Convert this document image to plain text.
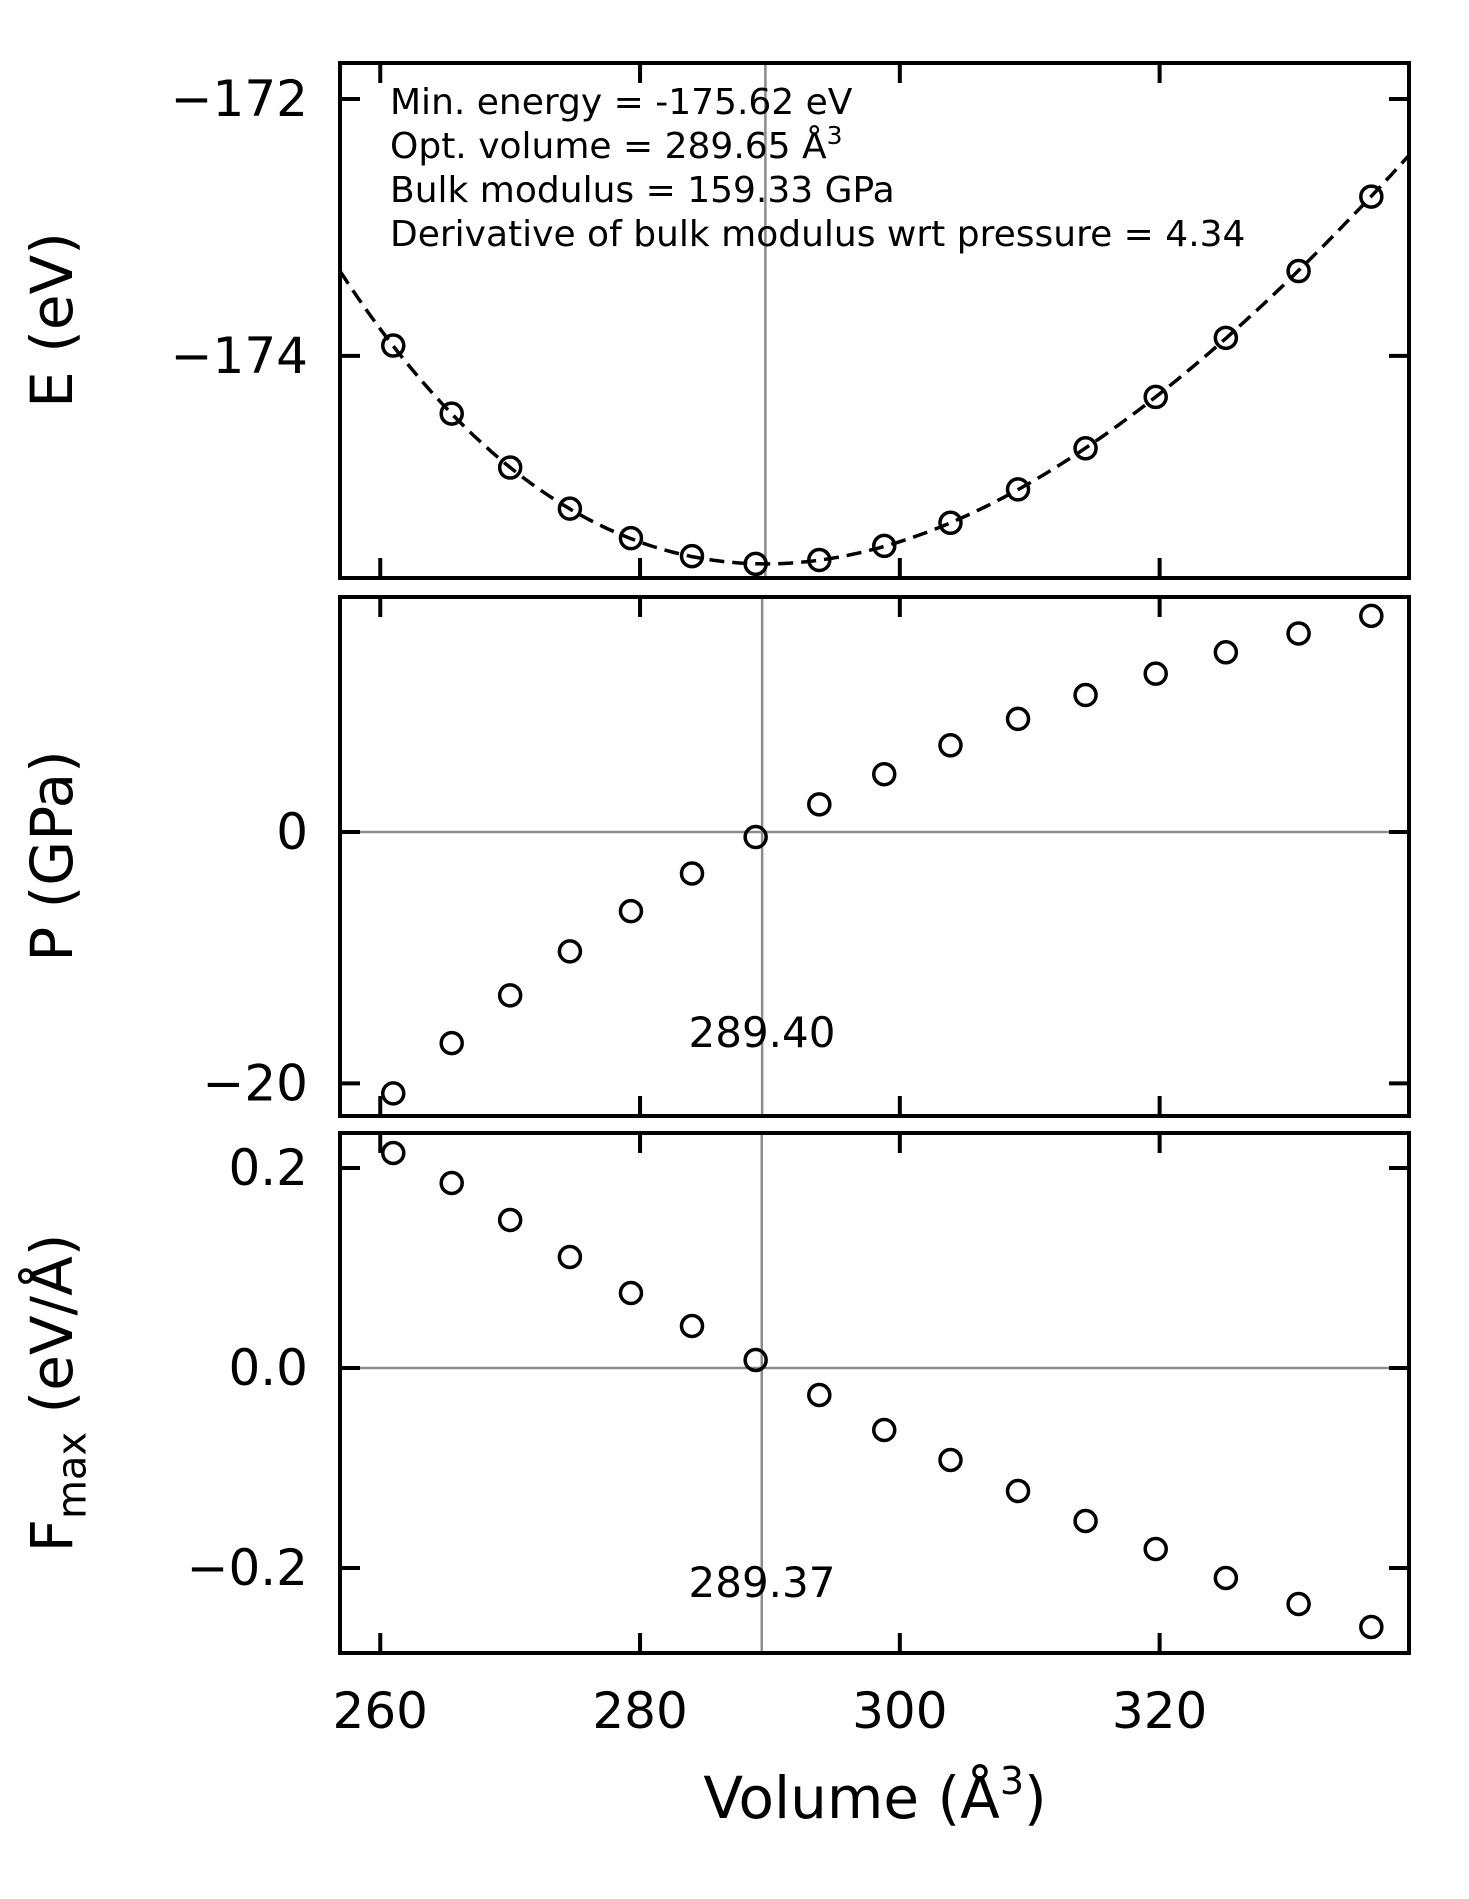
−172
−174
0
−20
0.2
0.0
−0.2
260	280	300	320
Volume $(Å^3)$
$F_{max}$ (eV/Å)
Min. energy = -175.62 eV
Opt. volume = 289.65 $Å^3$
Bulk modulus = 159.33 GPa
Derivative of bulk modulus wrt pressure = 4.34
E (eV)
P (GPa)
289.40
289.37
